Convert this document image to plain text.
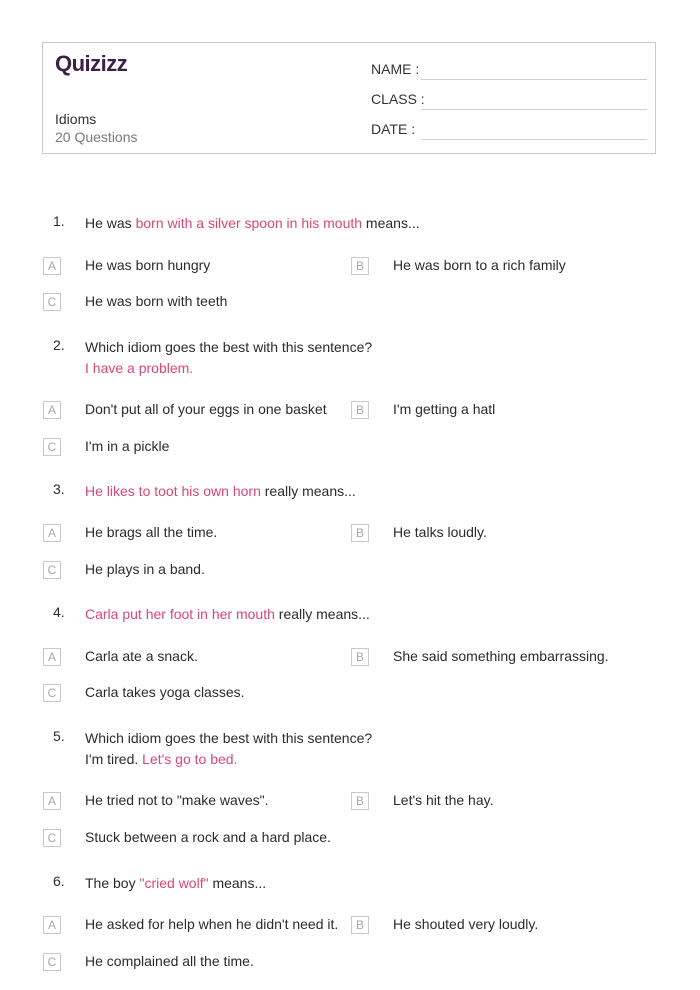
Quizizz
Idioms
20 Questions
NAME :
CLASS :
DATE :
1. He was born with a silver spoon in his mouth means...
A	He was born hungry	B	He was born to a rich family
C	He was born with teeth
2. Which idiom goes the best with this sentence?
I have a problem.
A	Don't put all of your eggs in one basket	B	I'm getting a hatl
C	I'm in a pickle
3. He likes to toot his own horn really means...
A	He brags all the time.	B	He talks loudly.
C	He plays in a band.
4. Carla put her foot in her mouth really means...
A	Carla ate a snack.	B	She said something embarrassing.
C	Carla takes yoga classes.
5. Which idiom goes the best with this sentence?
I'm tired. Let's go to bed.
A	He tried not to "make waves".	B	Let's hit the hay.
C	Stuck between a rock and a hard place.
6. The boy "cried wolf" means...
A	He asked for help when he didn't need it.	B	He shouted very loudly.
C	He complained all the time.
